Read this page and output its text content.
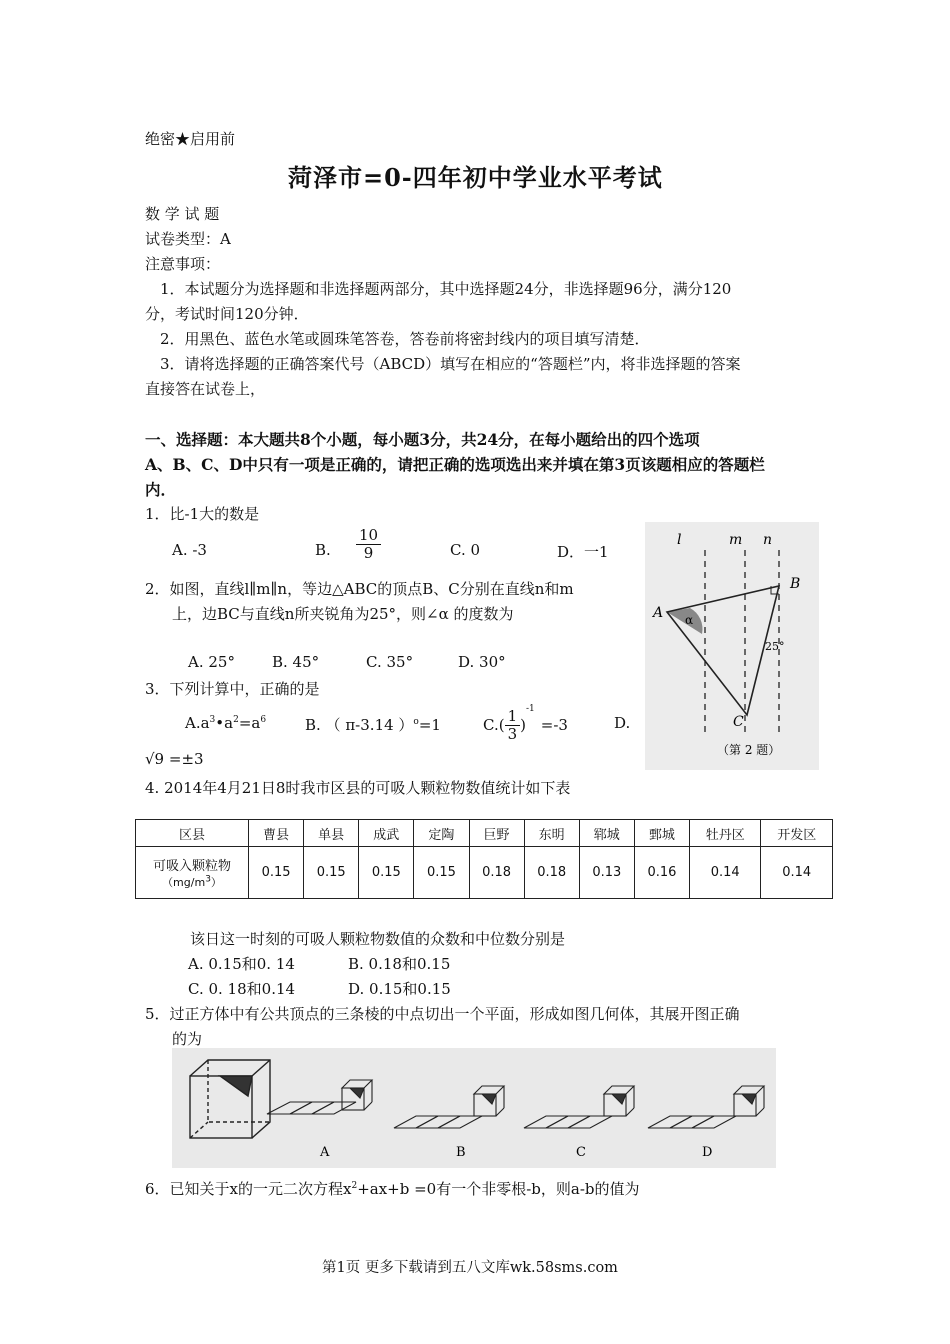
绝密★启用前
菏泽市=0-四年初中学业水平考试
数 学 试 题
试卷类型：A
注意事项：
1．本试题分为选择题和非选择题两部分，其中选择题24分，非选择题96分，满分120
分，考试时间120分钟．
2．用黑色、蓝色水笔或圆珠笔答卷，答卷前将密封线内的项目填写清楚．
3．请将选择题的正确答案代号（ABCD）填写在相应的“答题栏”内，将非选择题的答案
直接答在试卷上，
一、选择题：本大题共8个小题，每小题3分，共24分，在每小题给出的四个选项
A、B、C、D中只有一项是正确的，请把正确的选项选出来并填在第3页该题相应的答题栏
内．
1．比-1大的数是
A. -3	B. $\frac{10}{9}$	C. 0	D．一1
2．如图，直线l∥m∥n，等边△ABC的顶点B、C分别在直线n和m
上，边BC与直线n所夹锐角为25°，则∠α 的度数为
A. 25° B. 45°	C. 35°	D. 30°
l	m n
A
B
C
α
25°
（第 2 题）
3．下列计算中，正确的是
$A.a^3•a^2=a^6$	B. （ π-3.14 ）$^o$=1	$C.( \frac{1}{3} )^{-1}=-3$	D.
√9 =±3
4. 2014年4月21日8时我市区县的可吸人颗粒物数值统计如下表
区县	曹县	单县	成武	定陶	巨野	东明	郓城	鄄城	牡丹区	开发区

可吸入颗粒物
$(mg/m^3)$	0.15	0.15	0.15	0.15	0.18	0.18	0.13	0.16	0.14	0.14
该日这一时刻的可吸人颗粒物数值的众数和中位数分别是
A. 0.15和0. 14	B. 0.18和0.15
C. 0. 18和0.14	D. 0.15和0.15
5．过正方体中有公共顶点的三条棱的中点切出一个平面，形成如图几何体，其展开图正确
的为
A	B	C	D
6．已知关于x的一元二次方程$x^2+ax+b =0$有一个非零根-b，则a-b的值为
第1页 更多下载请到五八文库wk.58sms.com
